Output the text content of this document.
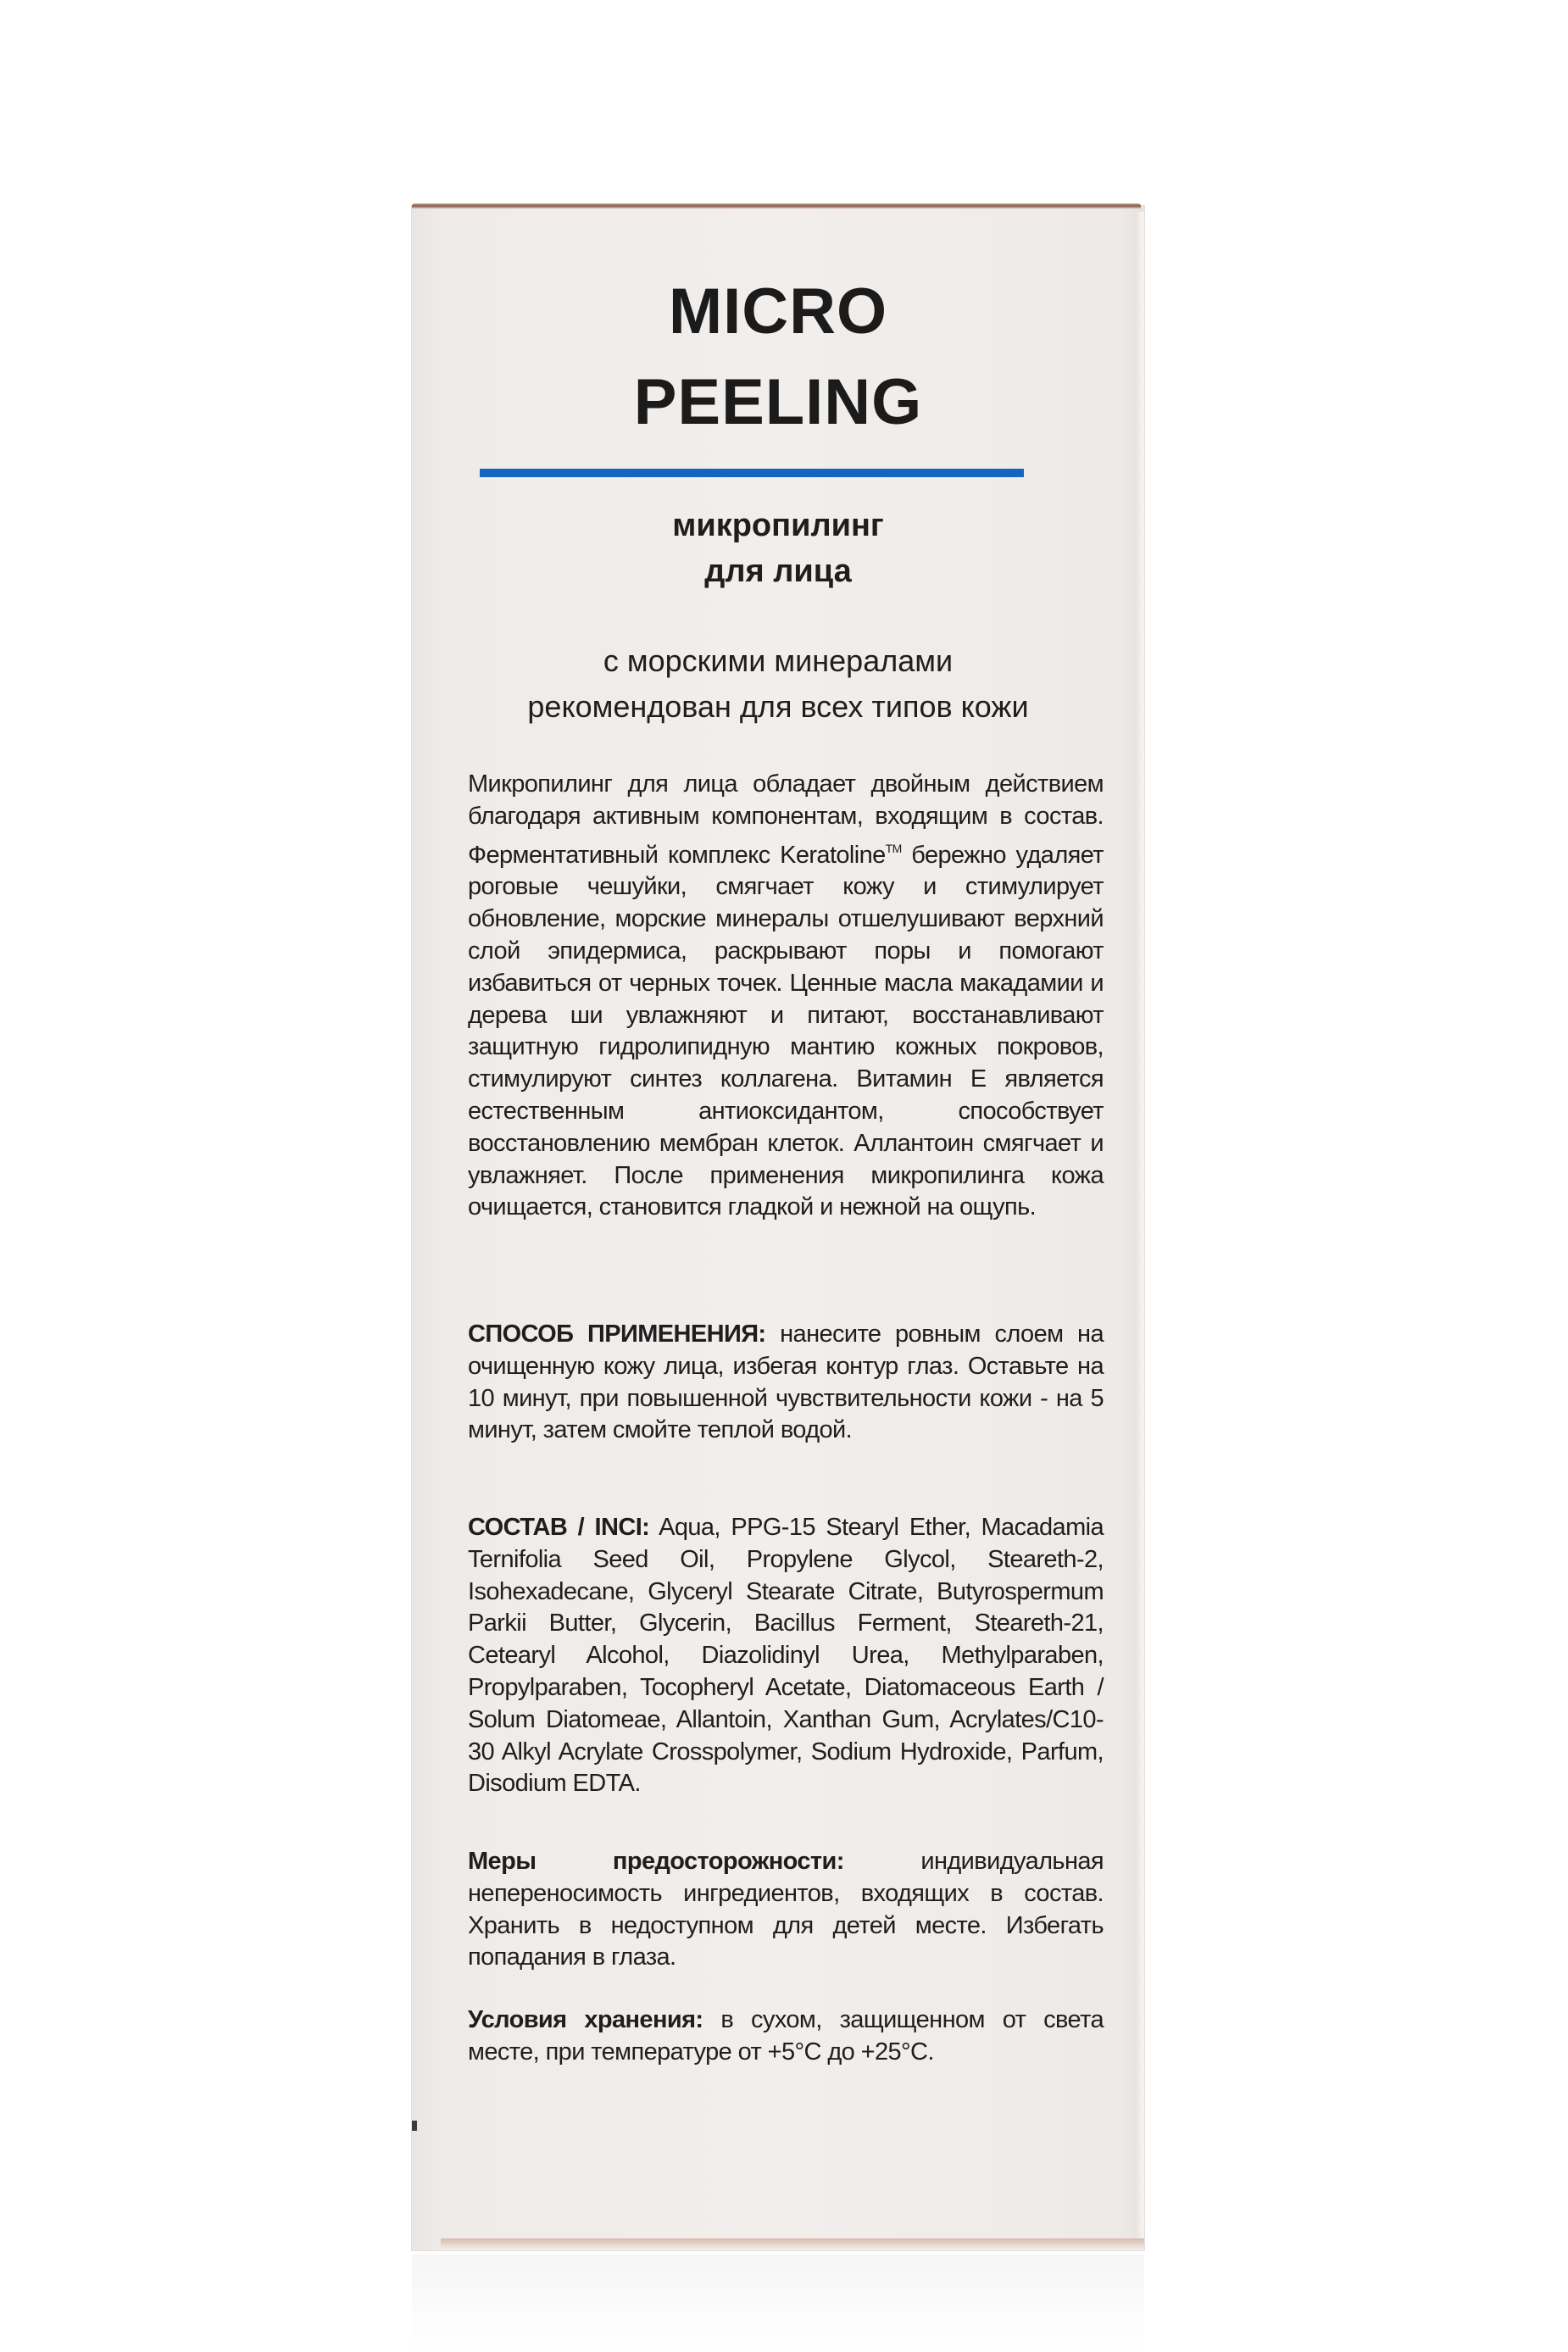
MICRO
PEELING
микропилинг
для лица
с морскими минералами
рекомендован для всех типов кожи
Микропилинг для лица обладает двойным действием благодаря активным компонентам, входящим в состав. Ферментативный комплекс Keratoline™ бережно удаляет роговые чешуйки, смягчает кожу и стимулирует обновление, морские минералы отшелушивают верхний слой эпидермиса, раскрывают поры и помогают избавиться от черных точек. Ценные масла макадамии и дерева ши увлажняют и питают, восстанавливают защитную гидролипидную мантию кожных покровов, стимулируют синтез коллагена. Витамин Е является естественным антиоксидантом, способствует восстановлению мембран клеток. Аллантоин смягчает и увлажняет. После применения микропилинга кожа очищается, становится гладкой и нежной на ощупь.
СПОСОБ ПРИМЕНЕНИЯ: нанесите ровным слоем на очищенную кожу лица, избегая контур глаз. Оставьте на 10 минут, при повышенной чувствительности кожи - на 5 минут, затем смойте теплой водой.
СОСТАВ / INCI: Aqua, PPG-15 Stearyl Ether, Macadamia Ternifolia Seed Oil, Propylene Glycol, Steareth-2, Isohexadecane, Glyceryl Stearate Citrate, Butyrospermum Parkii Butter, Glycerin, Bacillus Ferment, Steareth-21, Cetearyl Alcohol, Diazolidinyl Urea, Methylparaben, Propylparaben, Tocopheryl Acetate, Diatomaceous Earth / Solum Diatomeae, Allantoin, Xanthan Gum, Acrylates/C10-30 Alkyl Acrylate Crosspolymer, Sodium Hydroxide, Parfum, Disodium EDTA.
Меры предосторожности: индивидуальная непереносимость ингредиентов, входящих в состав. Хранить в недоступном для детей месте. Избегать попадания в глаза.
Условия хранения: в сухом, защищенном от света месте, при температуре от +5°С до +25°С.
